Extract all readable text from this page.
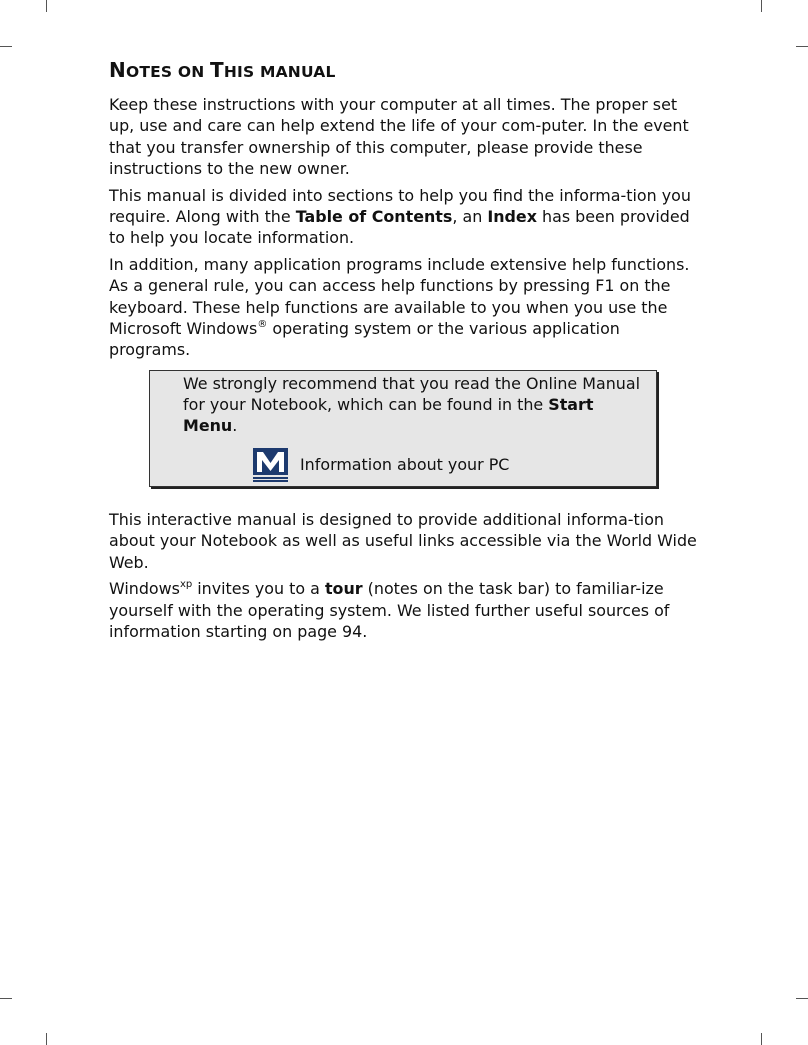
NOTES ON THIS MANUAL

Keep these instructions with your computer at all times. The proper set up, use and care can help extend the life of your com-puter. In the event that you transfer ownership of this computer, please provide these instructions to the new owner.

This manual is divided into sections to help you find the informa-tion you require. Along with the Table of Contents, an Index has been provided to help you locate information.

In addition, many application programs include extensive help functions. As a general rule, you can access help functions by pressing F1 on the keyboard. These help functions are available to you when you use the Microsoft Windows® operating system or the various application programs.

We strongly recommend that you read the Online Manual for your Notebook, which can be found in the Start Menu.

Information about your PC

This interactive manual is designed to provide additional informa-tion about your Notebook as well as useful links accessible via the World Wide Web.

Windows$^{xp}$ invites you to a tour (notes on the task bar) to familiar-ize yourself with the operating system. We listed further useful sources of information starting on page 94.
